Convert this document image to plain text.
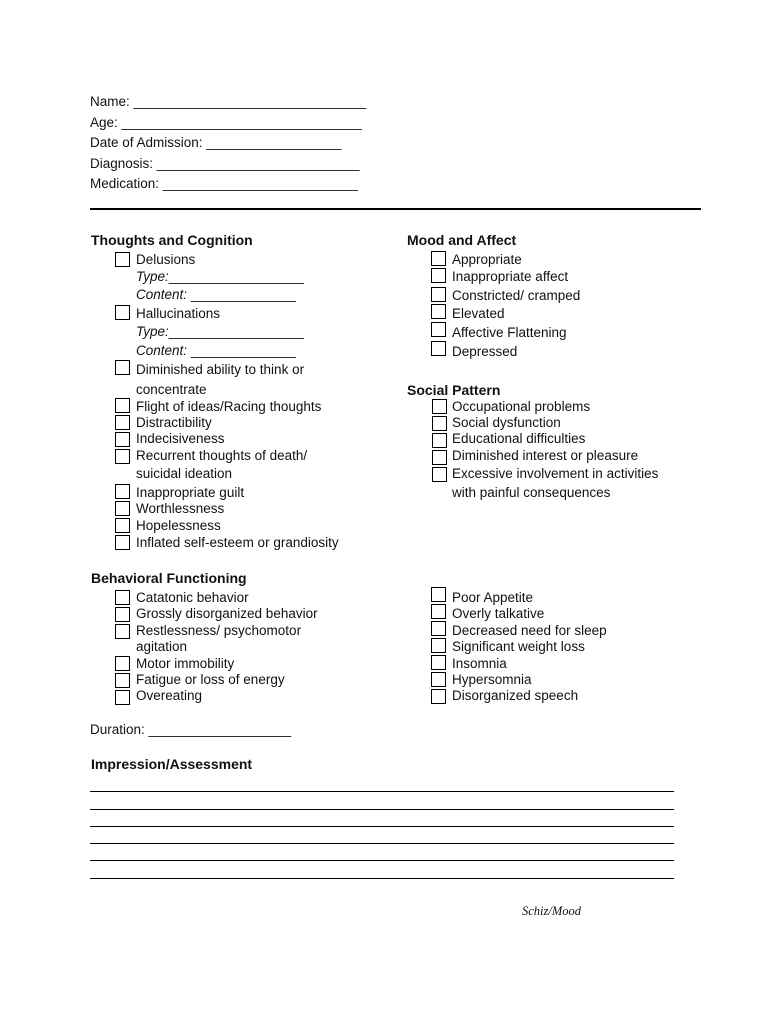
Name: _______________________________
Age: ________________________________
Date of Admission: __________________
Diagnosis: ___________________________
Medication: __________________________
Thoughts and Cognition
Delusions
Type:__________________
Content: ______________
Hallucinations
Type:__________________
Content: ______________
Diminished ability to think or
concentrate
Flight of ideas/Racing thoughts
Distractibility
Indecisiveness
Recurrent thoughts of death/
suicidal ideation
Inappropriate guilt
Worthlessness
Hopelessness
Inflated self-esteem or grandiosity
Mood and Affect
Appropriate
Inappropriate affect
Constricted/ cramped
Elevated
Affective Flattening
Depressed
Social Pattern
Occupational problems
Social dysfunction
Educational difficulties
Diminished interest or pleasure
Excessive involvement in activities
with painful consequences
Behavioral Functioning
Catatonic behavior
Grossly disorganized behavior
Restlessness/ psychomotor
agitation
Motor immobility
Fatigue or loss of energy
Overeating
Poor Appetite
Overly talkative
Decreased need for sleep
Significant weight loss
Insomnia
Hypersomnia
Disorganized speech
Duration: ___________________
Impression/Assessment
Schiz/Mood
